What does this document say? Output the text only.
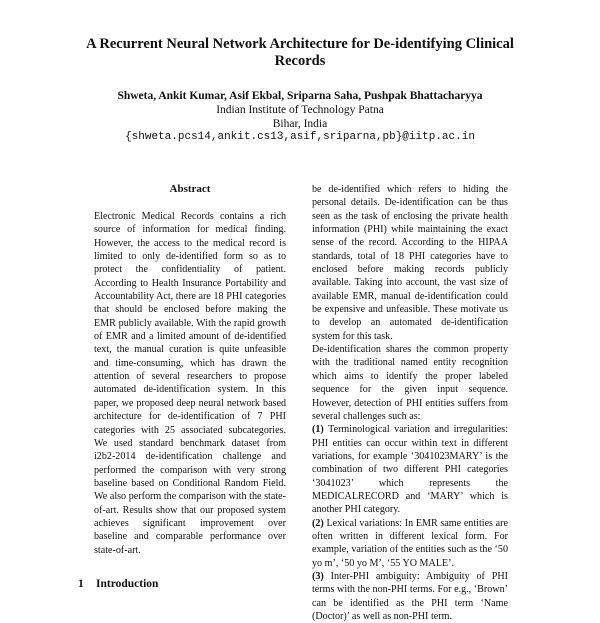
A Recurrent Neural Network Architecture for De-identifying Clinical
Records
Shweta, Ankit Kumar, Asif Ekbal, Sriparna Saha, Pushpak Bhattacharyya
Indian Institute of Technology Patna
Bihar, India
{shweta.pcs14,ankit.cs13,asif,sriparna,pb}@iitp.ac.in
Abstract

Electronic Medical Records contains a rich source of information for medical finding. However, the access to the medical record is limited to only de-identified form so as to protect the confidentiality of patient. According to Health Insurance Portability and Accountability Act, there are 18 PHI categories that should be enclosed before making the EMR publicly available. With the rapid growth of EMR and a limited amount of de-identified text, the manual curation is quite unfeasible and time-consuming, which has drawn the attention of several researchers to propose automated de-identification system. In this paper, we proposed deep neural network based architecture for de-identification of 7 PHI categories with 25 associated subcategories. We used standard benchmark dataset from i2b2-2014 de-identification challenge and performed the comparison with very strong baseline based on Conditional Random Field. We also perform the comparison with the state-of-art. Results show that our proposed system achieves significant improvement over baseline and comparable performance over state-of-art.

1 Introduction

be de-identified which refers to hiding the personal details. De-identification can be thus seen as the task of enclosing the private health information (PHI) while maintaining the exact sense of the record. According to the HIPAA standards, total of 18 PHI categories have to enclosed before making records publicly available. Taking into account, the vast size of available EMR, manual de-identification could be expensive and unfeasible. These motivate us to develop an automated de-identification system for this task.

De-identification shares the common property with the traditional named entity recognition which aims to identify the proper labeled sequence for the given input sequence. However, detection of PHI entities suffers from several challenges such as:

(1) Terminological variation and irregularities: PHI entities can occur within text in different variations, for example ‘3041023MARY’ is the combination of two different PHI categories ‘3041023’ which represents the MEDICALRECORD and ‘MARY’ which is another PHI category.

(2) Lexical variations: In EMR same entities are often written in different lexical form. For example, variation of the entities such as the ‘50 yo m’, ‘50 yo M’, ‘55 YO MALE’.

(3) Inter-PHI ambiguity: Ambiguity of PHI terms with the non-PHI terms. For e.g., ‘Brown’ can be identified as the PHI term ‘Name (Doctor)’ as well as non-PHI term.
